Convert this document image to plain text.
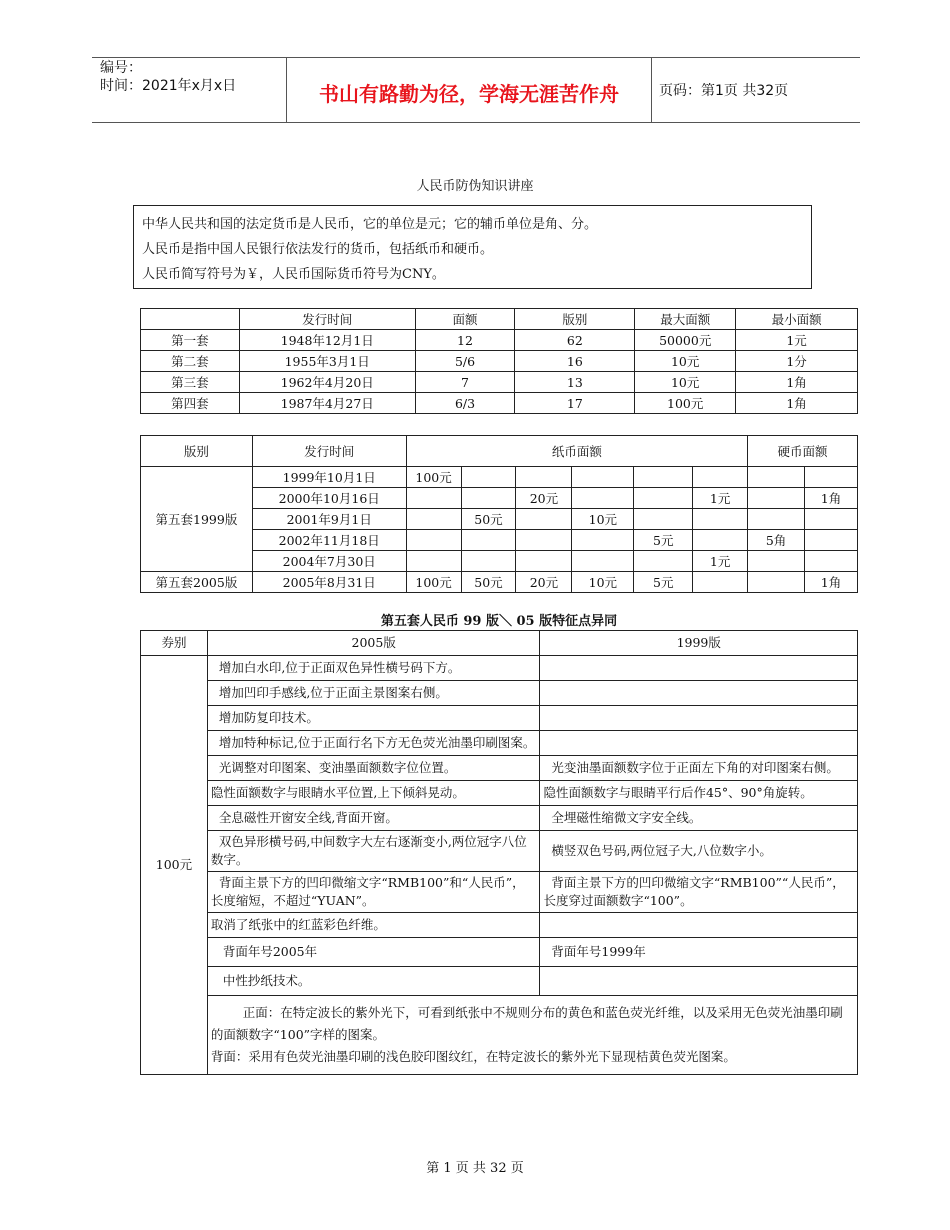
编号：
时间：2021年x月x日	书山有路勤为径，学海无涯苦作舟	页码：第1页 共32页
人民币防伪知识讲座
中华人民共和国的法定货币是人民币，它的单位是元；它的辅币单位是角、分。
人民币是指中国人民银行依法发行的货币，包括纸币和硬币。
人民币简写符号为￥，人民币国际货币符号为CNY。
	发行时间	面额	版别	最大面额	最小面额
第一套	1948年12月1日	12	62	50000元	1元
第二套	1955年3月1日	5/6	16	10元	1分
第三套	1962年4月20日	7	13	10元	1角
第四套	1987年4月27日	6/3	17	100元	1角
版别	发行时间	纸币面额						硬币面额	
第五套1999版	1999年10月1日	100元							
	2000年10月16日			20元			1元		1角
	2001年9月1日		50元		10元				
	2002年11月18日					5元		5角	
	2004年7月30日						1元		
第五套2005版	2005年8月31日	100元	50元	20元	10元	5元			1角
第五套人民币 99 版＼ 05 版特征点异同
券别	2005版	1999版
100元	增加白水印,位于正面双色异性横号码下方。	
	增加凹印手感线,位于正面主景图案右侧。	
	增加防复印技术。	
	增加特种标记,位于正面行名下方无色荧光油墨印刷图案。	
	光调整对印图案、变油墨面额数字位位置。	光变油墨面额数字位于正面左下角的对印图案右侧。
	隐性面额数字与眼睛水平位置,上下倾斜晃动。	隐性面额数字与眼睛平行后作45°、90°角旋转。
	全息磁性开窗安全线,背面开窗。	全埋磁性缩微文字安全线。
	双色异形横号码,中间数字大左右逐渐变小,两位冠字八位数字。	横竖双色号码,两位冠子大,八位数字小。
	背面主景下方的凹印微缩文字“RMB100”和“人民币”，长度缩短，不超过“YUAN”。	背面主景下方的凹印微缩文字“RMB100”“人民币”，长度穿过面额数字“100”。
	取消了纸张中的红蓝彩色纤维。	
	背面年号2005年	背面年号1999年
	中性抄纸技术。	

	正面：在特定波长的紫外光下，可看到纸张中不规则分布的黄色和蓝色荧光纤维，以及采用无色荧光油墨印刷的面额数字“100”字样的图案。
背面：采用有色荧光油墨印刷的浅色胶印图纹红，在特定波长的紫外光下显现桔黄色荧光图案。	
第 1 页 共 32 页
